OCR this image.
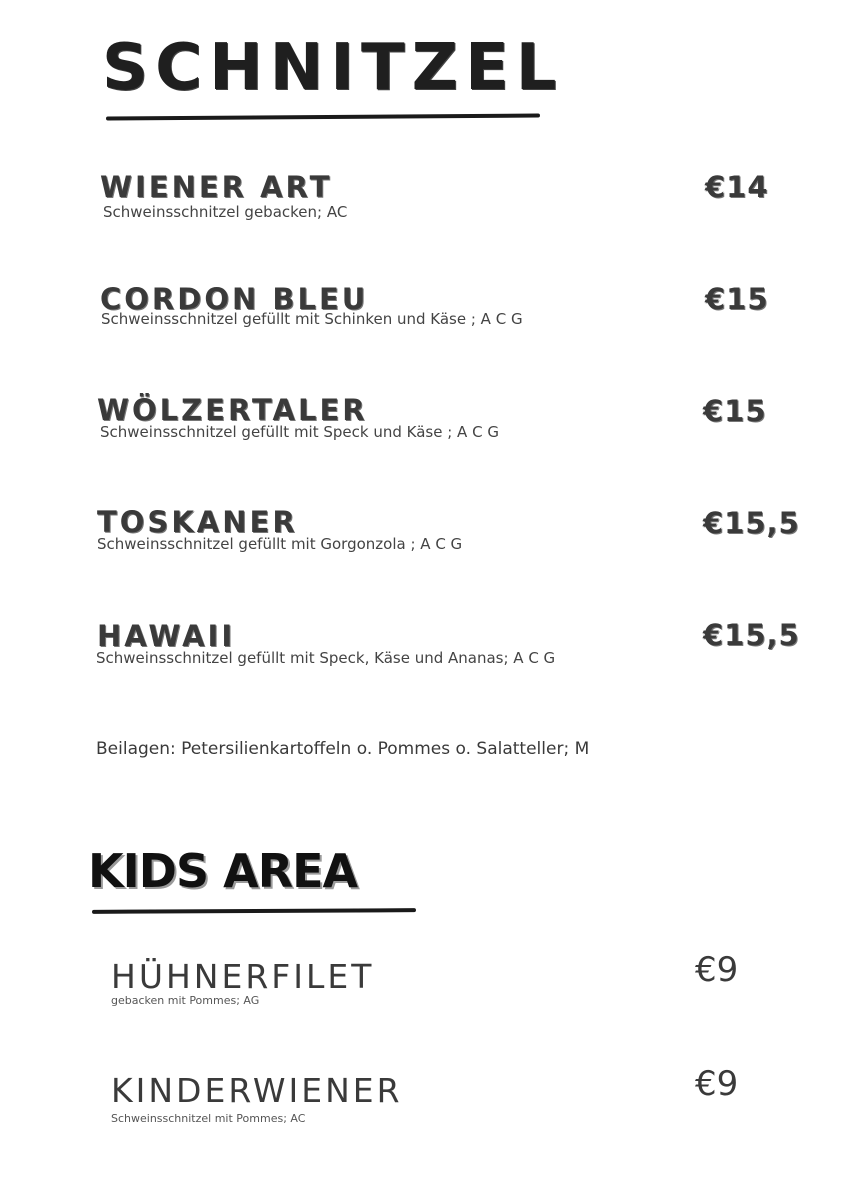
SCHNITZEL
WIENER ART
Schweinsschnitzel gebacken; AC
€14
CORDON BLEU
Schweinsschnitzel gefüllt mit Schinken und Käse ; A C G
€15
WÖLZERTALER
Schweinsschnitzel gefüllt mit Speck und Käse ; A C G
€15
TOSKANER
Schweinsschnitzel gefüllt mit Gorgonzola ; A C G
€15,5
HAWAII
Schweinsschnitzel gefüllt mit Speck, Käse und Ananas; A C G
€15,5
Beilagen: Petersilienkartoffeln o. Pommes o. Salatteller; M
KIDS AREA
HÜHNERFILET
gebacken mit Pommes; AG
€9
KINDERWIENER
Schweinsschnitzel mit Pommes; AC
€9
